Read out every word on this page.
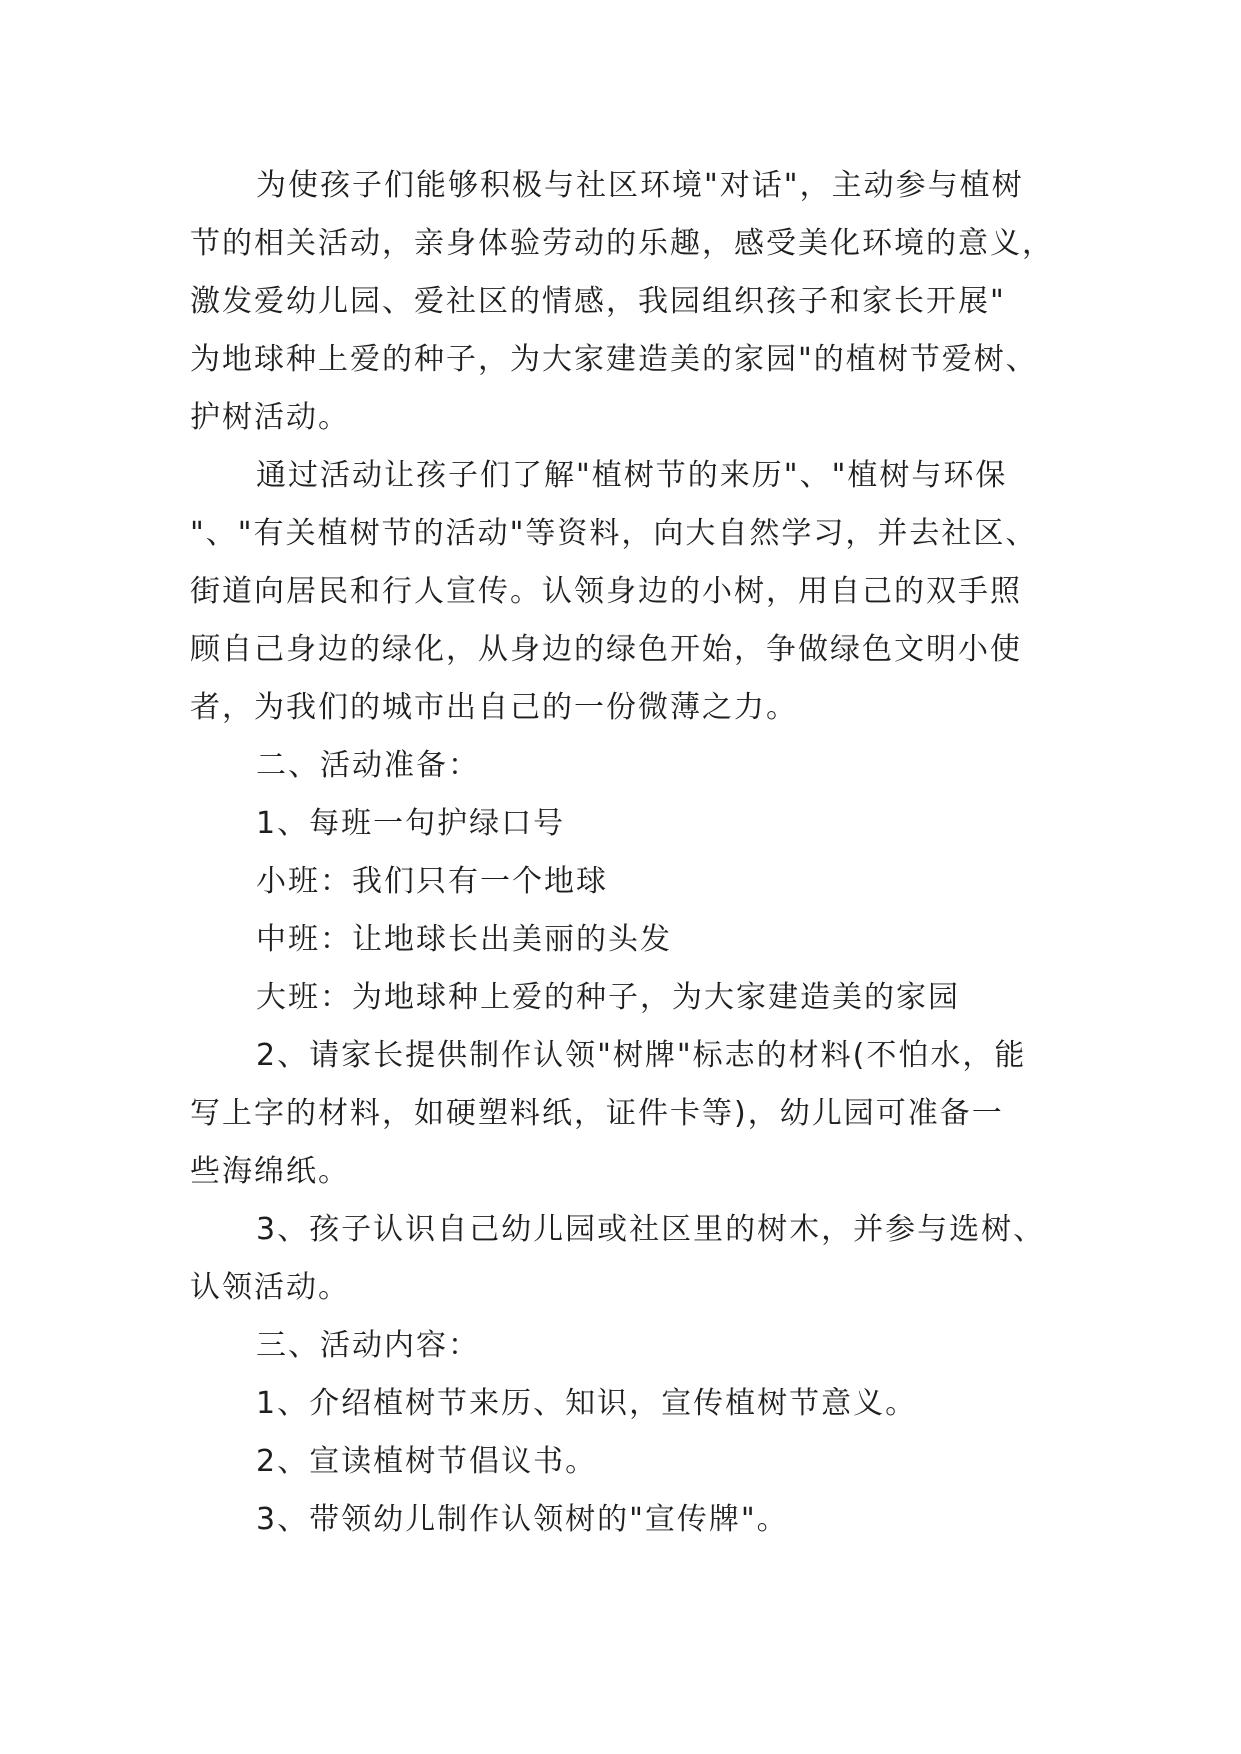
为使孩子们能够积极与社区环境"对话"，主动参与植树
节的相关活动，亲身体验劳动的乐趣，感受美化环境的意义，
激发爱幼儿园、爱社区的情感，我园组织孩子和家长开展"
为地球种上爱的种子，为大家建造美的家园"的植树节爱树、
护树活动。
通过活动让孩子们了解"植树节的来历"、"植树与环保
"、"有关植树节的活动"等资料，向大自然学习，并去社区、
街道向居民和行人宣传。认领身边的小树，用自己的双手照
顾自己身边的绿化，从身边的绿色开始，争做绿色文明小使
者，为我们的城市出自己的一份微薄之力。
二、活动准备：
1、每班一句护绿口号
小班：我们只有一个地球
中班：让地球长出美丽的头发
大班：为地球种上爱的种子，为大家建造美的家园
2、请家长提供制作认领"树牌"标志的材料(不怕水，能
写上字的材料，如硬塑料纸，证件卡等)，幼儿园可准备一
些海绵纸。
3、孩子认识自己幼儿园或社区里的树木，并参与选树、
认领活动。
三、活动内容：
1、介绍植树节来历、知识，宣传植树节意义。
2、宣读植树节倡议书。
3、带领幼儿制作认领树的"宣传牌"。
